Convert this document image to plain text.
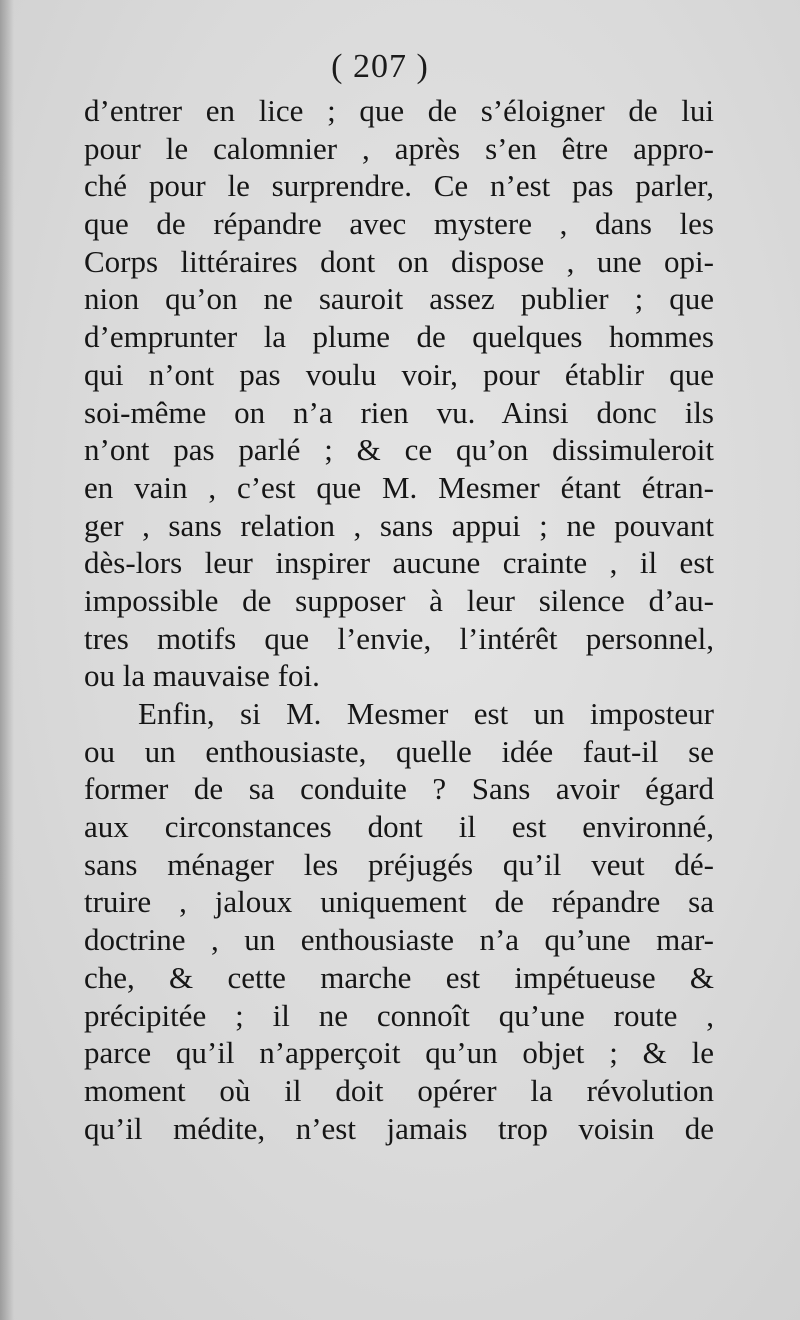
( 207 )

d’entrer en lice ; que de s’éloigner de lui
pour le calomnier , après s’en être appro-
ché pour le surprendre. Ce n’est pas parler,
que de répandre avec mystere , dans les
Corps littéraires dont on dispose , une opi-
nion qu’on ne sauroit assez publier ; que
d’emprunter la plume de quelques hommes
qui n’ont pas voulu voir, pour établir que
soi-même on n’a rien vu. Ainsi donc ils
n’ont pas parlé ; & ce qu’on dissimuleroit
en vain , c’est que M. Mesmer étant étran-
ger , sans relation , sans appui ; ne pouvant
dès-lors leur inspirer aucune crainte , il est
impossible de supposer à leur silence d’au-
tres motifs que l’envie, l’intérêt personnel,
ou la mauvaise foi.
Enfin, si M. Mesmer est un imposteur
ou un enthousiaste, quelle idée faut-il se
former de sa conduite ? Sans avoir égard
aux circonstances dont il est environné,
sans ménager les préjugés qu’il veut dé-
truire , jaloux uniquement de répandre sa
doctrine , un enthousiaste n’a qu’une mar-
che, & cette marche est impétueuse &
précipitée ; il ne connoît qu’une route ,
parce qu’il n’apperçoit qu’un objet ; & le
moment où il doit opérer la révolution
qu’il médite, n’est jamais trop voisin de
